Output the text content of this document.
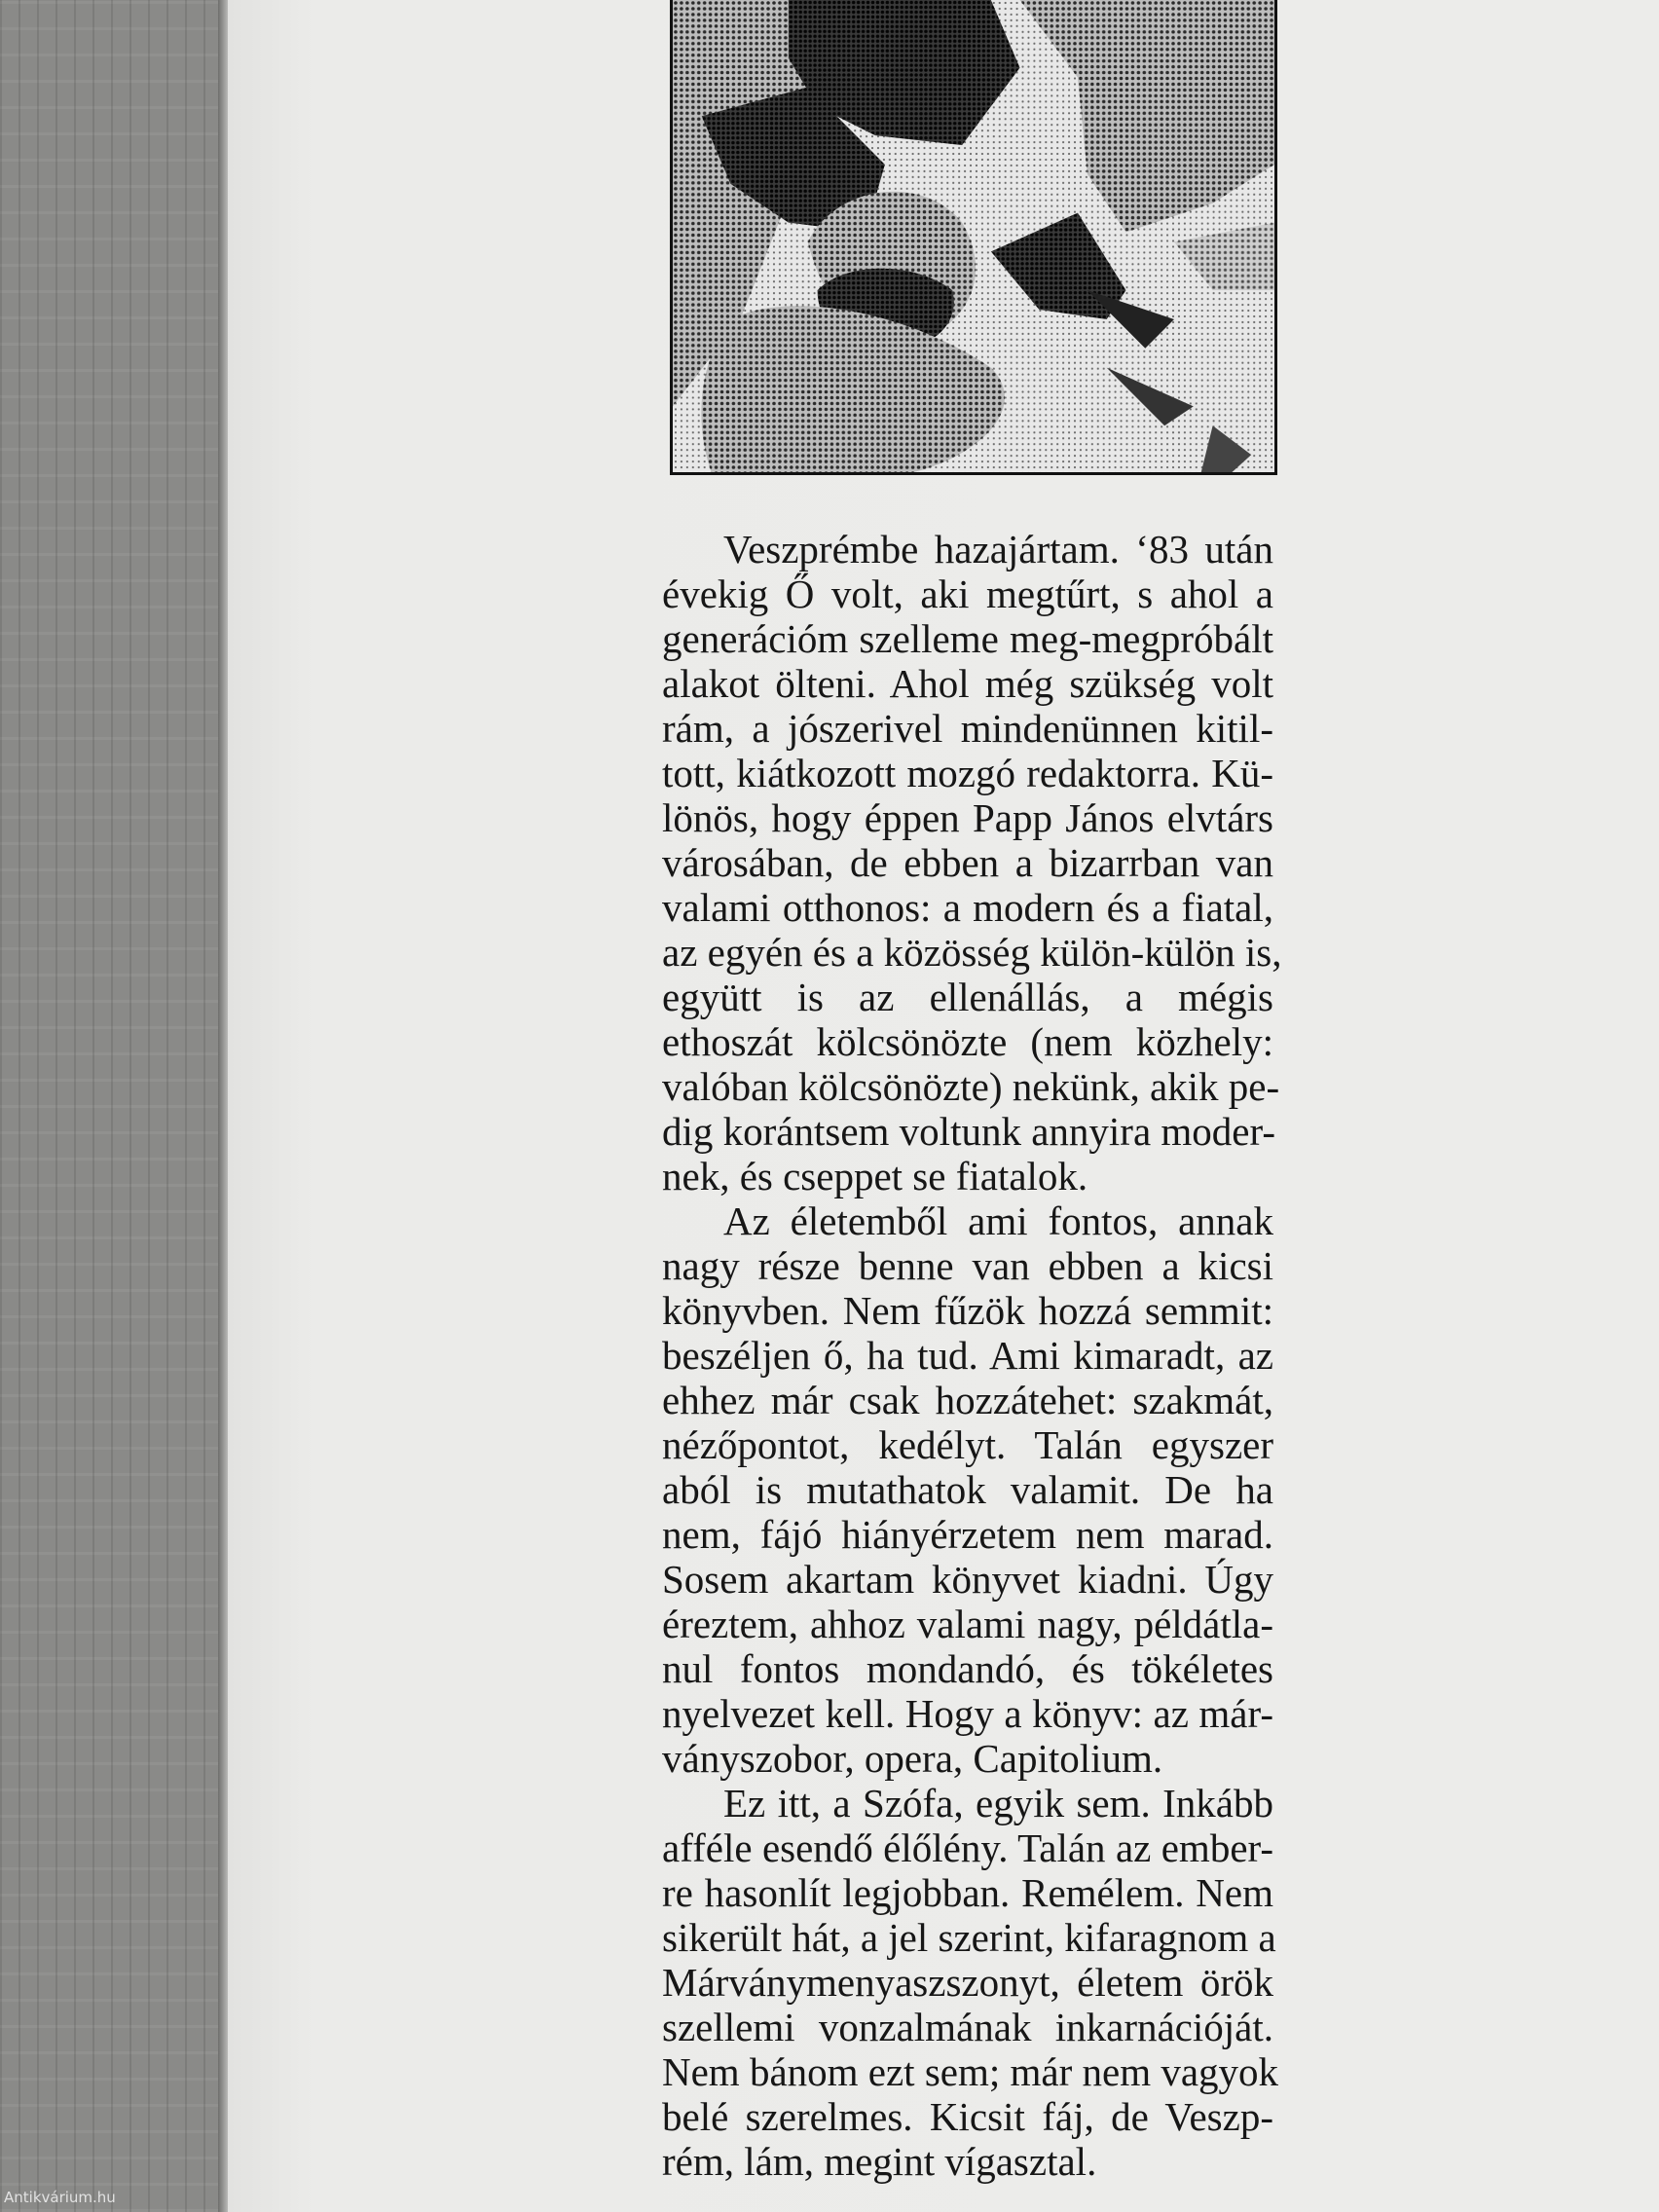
Veszprémbe hazajártam. ‘83 után
évekig Ő volt, aki megtűrt, s ahol a
generációm szelleme meg-megpróbált
alakot ölteni. Ahol még szükség volt
rám, a jószerivel mindenünnen kitil-
tott, kiátkozott mozgó redaktorra. Kü-
lönös, hogy éppen Papp János elvtárs
városában, de ebben a bizarrban van
valami otthonos: a modern és a fiatal,
az egyén és a közösség külön-külön is,
együtt is az ellenállás, a mégis
ethoszát kölcsönözte (nem közhely:
valóban kölcsönözte) nekünk, akik pe-
dig korántsem voltunk annyira moder-
nek, és cseppet se fiatalok.

Az életemből ami fontos, annak
nagy része benne van ebben a kicsi
könyvben. Nem fűzök hozzá semmit:
beszéljen ő, ha tud. Ami kimaradt, az
ehhez már csak hozzátehet: szakmát,
nézőpontot, kedélyt. Talán egyszer
aból is mutathatok valamit. De ha
nem, fájó hiányérzetem nem marad.
Sosem akartam könyvet kiadni. Úgy
éreztem, ahhoz valami nagy, példátla-
nul fontos mondandó, és tökéletes
nyelvezet kell. Hogy a könyv: az már-
ványszobor, opera, Capitolium.

Ez itt, a Szófa, egyik sem. Inkább
afféle esendő élőlény. Talán az ember-
re hasonlít legjobban. Remélem. Nem
sikerült hát, a jel szerint, kifaragnom a
Márványmenyaszszonyt, életem örök
szellemi vonzalmának inkarnációját.
Nem bánom ezt sem; már nem vagyok
belé szerelmes. Kicsit fáj, de Veszp-
rém, lám, megint vígasztal.

Antikvárium.hu
